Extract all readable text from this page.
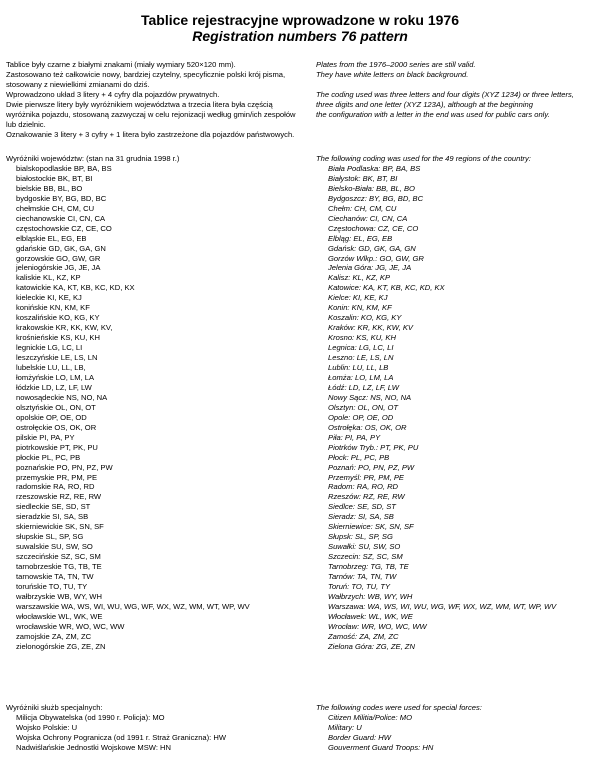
Tablice rejestracyjne wprowadzone w roku 1976
Registration numbers 76 pattern
Tablice były czarne z białymi znakami (miały wymiary 520×120 mm).
Zastosowano też całkowicie nowy, bardziej czytelny, specyficznie polski krój pisma,
stosowany z niewielkimi zmianami do dziś.
Wprowadzono układ 3 litery + 4 cyfry dla pojazdów prywatnych.
Dwie pierwsze litery były wyróżnikiem województwa a trzecia litera była częścią
wyróżnika pojazdu, stosowaną zazwyczaj w celu rejonizacji według gmin/ich zespołów
lub dzielnic.
Oznakowanie 3 litery + 3 cyfry + 1 litera było zastrzeżone dla pojazdów państwowych.
Plates from the 1976–2000 series are still valid.
They have white letters on black background.

The coding used was three letters and four digits (XYZ 1234) or three letters,
three digits and one letter (XYZ 123A), although at the beginning
the configuration with a letter in the end was used for public cars only.
Wyróżniki województw: (stan na 31 grudnia 1998 r.)
bialskopodlaskie BP, BA, BS
białostockie BK, BT, BI
bielskie BB, BL, BO
bydgoskie BY, BG, BD, BC
chełmskie CH, CM, CU
ciechanowskie CI, CN, CA
częstochowskie CZ, CE, CO
elbląskie EL, EG, EB
gdańskie GD, GK, GA, GN
gorzowskie GO, GW, GR
jeleniogórskie JG, JE, JA
kaliskie KL, KZ, KP
katowickie KA, KT, KB, KC, KD, KX
kieleckie KI, KE, KJ
konińskie KN, KM, KF
koszalińskie KO, KG, KY
krakowskie KR, KK, KW, KV,
krośnieńskie KS, KU, KH
legnickie LG, LC, LI
leszczyńskie LE, LS, LN
lubelskie LU, LL, LB,
łomżyńskie LO, LM, LA
łódzkie LD, LZ, LF, LW
nowosądeckie NS, NO, NA
olsztyńskie OL, ON, OT
opolskie OP, OE, OD
ostrołęckie OS, OK, OR
pilskie PI, PA, PY
piotrkowskie PT, PK, PU
płockie PL, PC, PB
poznańskie PO, PN, PZ, PW
przemyskie PR, PM, PE
radomskie RA, RO, RD
rzeszowskie RZ, RE, RW
siedleckie SE, SD, ST
sieradzkie SI, SA, SB
skierniewickie SK, SN, SF
słupskie SL, SP, SG
suwalskie SU, SW, SO
szczecińskie SZ, SC, SM
tarnobrzeskie TG, TB, TE
tarnowskie TA, TN, TW
toruńskie TO, TU, TY
wałbrzyskie WB, WY, WH
warszawskie WA, WS, WI, WU, WG, WF, WX, WZ, WM, WT, WP, WV
włocławskie WL, WK, WE
wrocławskie WR, WO, WC, WW
zamojskie ZA, ZM, ZC
zielonogórskie ZG, ZE, ZN
The following coding was used for the 49 regions of the country:
Biała Podlaska: BP, BA, BS
Białystok: BK, BT, BI
Bielsko-Biała: BB, BL, BO
Bydgoszcz: BY, BG, BD, BC
Chełm: CH, CM, CU
Ciechanów: CI, CN, CA
Częstochowa: CZ, CE, CO
Elbląg: EL, EG, EB
Gdańsk: GD, GK, GA, GN
Gorzów Wlkp.: GO, GW, GR
Jelenia Góra: JG, JE, JA
Kalisz: KL, KZ, KP
Katowice: KA, KT, KB, KC, KD, KX
Kielce: KI, KE, KJ
Konin: KN, KM, KF
Koszalin: KO, KG, KY
Kraków: KR, KK, KW, KV
Krosno: KS, KU, KH
Legnica: LG, LC, LI
Leszno: LE, LS, LN
Lublin: LU, LL, LB
Łomża: LO, LM, LA
Łódź: LD, LZ, LF, LW
Nowy Sącz: NS, NO, NA
Olsztyn: OL, ON, OT
Opole: OP, OE, OD
Ostrołęka: OS, OK, OR
Piła: PI, PA, PY
Piotrków Tryb.: PT, PK, PU
Płock: PL, PC, PB
Poznań: PO, PN, PZ, PW
Przemyśl: PR, PM, PE
Radom: RA, RO, RD
Rzeszów: RZ, RE, RW
Siedlce: SE, SD, ST
Sieradz: SI, SA, SB
Skierniewice: SK, SN, SF
Słupsk: SL, SP, SG
Suwałki: SU, SW, SO
Szczecin: SZ, SC, SM
Tarnobrzeg: TG, TB, TE
Tarnów: TA, TN, TW
Toruń: TO, TU, TY
Wałbrzych: WB, WY, WH
Warszawa: WA, WS, WI, WU, WG, WF, WX, WZ, WM, WT, WP, WV
Włocławek: WL, WK, WE
Wrocław: WR, WO, WC, WW
Zamość: ZA, ZM, ZC
Zielona Góra: ZG, ZE, ZN
Wyróżniki służb specjalnych:
Milicja Obywatelska (od 1990 r. Policja): MO
Wojsko Polskie: U
Wojska Ochrony Pogranicza (od 1991 r. Straż Graniczna): HW
Nadwiślańskie Jednostki Wojskowe MSW: HN
The following codes were used for special forces:
Citizen Militia/Police: MO
Military: U
Border Guard: HW
Gouverment Guard Troops: HN
